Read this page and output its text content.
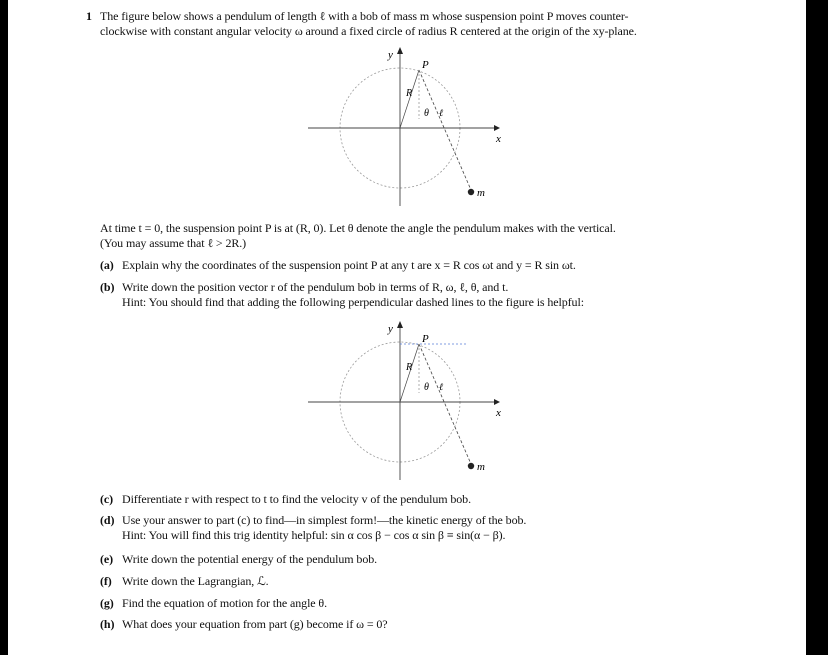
1 The figure below shows a pendulum of length ℓ with a bob of mass m whose suspension point P moves counter-
clockwise with constant angular velocity ω around a fixed circle of radius R centered at the origin of the xy-plane.
y
x
P
R
θ ℓ
m
At time t = 0, the suspension point P is at (R, 0). Let θ denote the angle the pendulum makes with the vertical.
(You may assume that ℓ > 2R.)
(a) Explain why the coordinates of the suspension point P at any t are x = R cos ωt and y = R sin ωt.
(b) Write down the position vector r of the pendulum bob in terms of R, ω, ℓ, θ, and t.
Hint: You should find that adding the following perpendicular dashed lines to the figure is helpful:
y
x
P
R
θ ℓ
m
(c) Differentiate r with respect to t to find the velocity v of the pendulum bob.
(d) Use your answer to part (c) to find—in simplest form!—the kinetic energy of the bob.
Hint: You will find this trig identity helpful: sin α cos β − cos α sin β ≡ sin(α − β).
(e) Write down the potential energy of the pendulum bob.
(f) Write down the Lagrangian, ℒ.
(g) Find the equation of motion for the angle θ.
(h) What does your equation from part (g) become if ω = 0?
